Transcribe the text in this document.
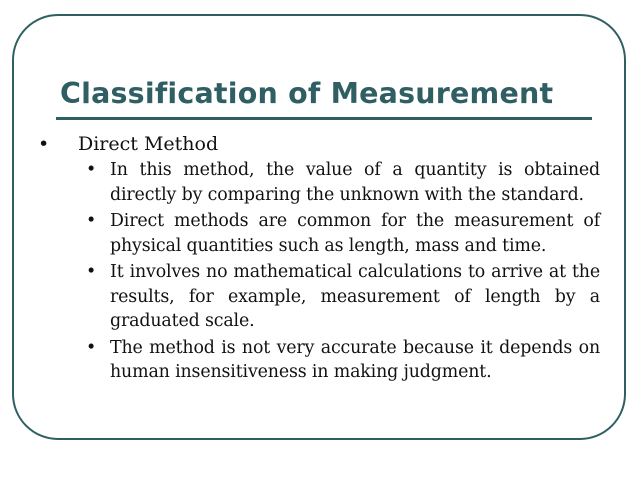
Classification of Measurement
• Direct Method
• In this method, the value of a quantity is obtained directly by comparing the unknown with the standard.
• Direct methods are common for the measurement of physical quantities such as length, mass and time.
• It involves no mathematical calculations to arrive at the results, for example, measurement of length by a graduated scale.
• The method is not very accurate because it depends on human insensitiveness in making judgment.
